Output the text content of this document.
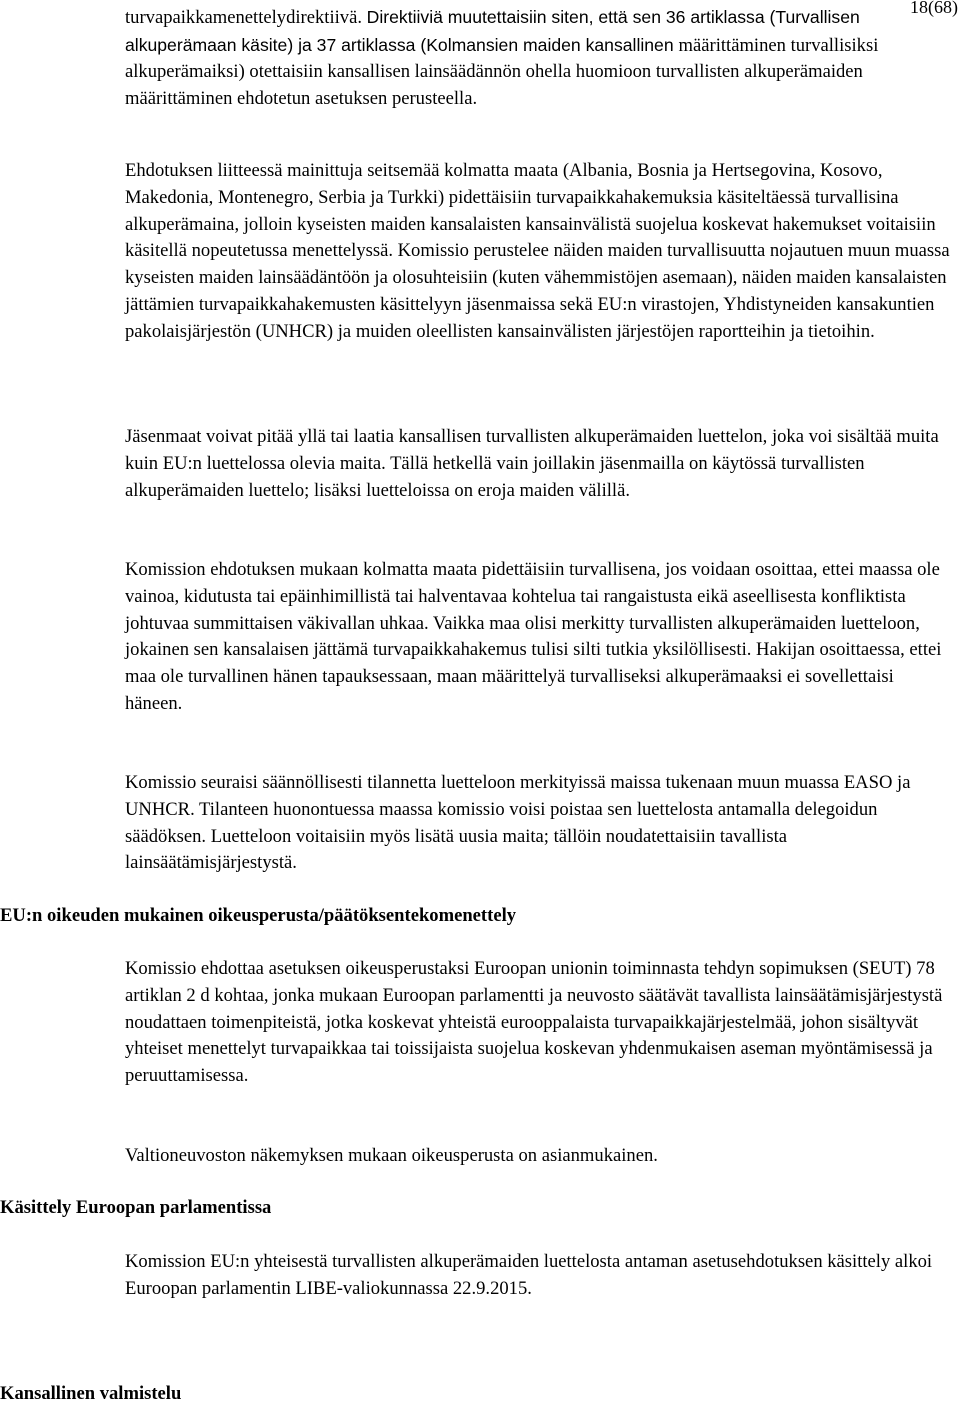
18(68)

turvapaikkamenettelydirektiivä. Direktiiviä muutettaisiin siten, että sen 36 artiklassa (Turvallisen alkuperämaan käsite) ja 37 artiklassa (Kolmansien maiden kansallinen määrittäminen turvallisiksi alkuperämaiksi) otettaisiin kansallisen lainsäädännön ohella huomioon turvallisten alkuperämaiden määrittäminen ehdotetun asetuksen perusteella.

Ehdotuksen liitteessä mainittuja seitsemää kolmatta maata (Albania, Bosnia ja Hertsegovina, Kosovo, Makedonia, Montenegro, Serbia ja Turkki) pidettäisiin turvapaikkahakemuksia käsiteltäessä turvallisina alkuperämaina, jolloin kyseisten maiden kansalaisten kansainvälistä suojelua koskevat hakemukset voitaisiin käsitellä nopeutetussa menettelyssä. Komissio perustelee näiden maiden turvallisuutta nojautuen muun muassa kyseisten maiden lainsäädäntöön ja olosuhteisiin (kuten vähemmistöjen asemaan), näiden maiden kansalaisten jättämien turvapaikkahakemusten käsittelyyn jäsenmaissa sekä EU:n virastojen, Yhdistyneiden kansakuntien pakolaisjärjestön (UNHCR) ja muiden oleellisten kansainvälisten järjestöjen raportteihin ja tietoihin.

Jäsenmaat voivat pitää yllä tai laatia kansallisen turvallisten alkuperämaiden luettelon, joka voi sisältää muita kuin EU:n luettelossa olevia maita. Tällä hetkellä vain joillakin jäsenmailla on käytössä turvallisten alkuperämaiden luettelo; lisäksi luetteloissa on eroja maiden välillä.

Komission ehdotuksen mukaan kolmatta maata pidettäisiin turvallisena, jos voidaan osoittaa, ettei maassa ole vainoa, kidutusta tai epäinhimillistä tai halventavaa kohtelua tai rangaistusta eikä aseellisesta konfliktista johtuvaa summittaisen väkivallan uhkaa. Vaikka maa olisi merkitty turvallisten alkuperämaiden luetteloon, jokainen sen kansalaisen jättämä turvapaikkahakemus tulisi silti tutkia yksilöllisesti. Hakijan osoittaessa, ettei maa ole turvallinen hänen tapauksessaan, maan määrittelyä turvalliseksi alkuperämaaksi ei sovellettaisi häneen.

Komissio seuraisi säännöllisesti tilannetta luetteloon merkityissä maissa tukenaan muun muassa EASO ja UNHCR. Tilanteen huonontuessa maassa komissio voisi poistaa sen luettelosta antamalla delegoidun säädöksen. Luetteloon voitaisiin myös lisätä uusia maita; tällöin noudatettaisiin tavallista lainsäätämisjärjestystä.

EU:n oikeuden mukainen oikeusperusta/päätöksentekomenettely

Komissio ehdottaa asetuksen oikeusperustaksi Euroopan unionin toiminnasta tehdyn sopimuksen (SEUT) 78 artiklan 2 d kohtaa, jonka mukaan Euroopan parlamentti ja neuvosto säätävät tavallista lainsäätämisjärjestystä noudattaen toimenpiteistä, jotka koskevat yhteistä eurooppalaista turvapaikkajärjestelmää, johon sisältyvät yhteiset menettelyt turvapaikkaa tai toissijaista suojelua koskevan yhdenmukaisen aseman myöntämisessä ja peruuttamisessa.

Valtioneuvoston näkemyksen mukaan oikeusperusta on asianmukainen.

Käsittely Euroopan parlamentissa

Komission EU:n yhteisestä turvallisten alkuperämaiden luettelosta antaman asetusehdotuksen käsittely alkoi Euroopan parlamentin LIBE-valiokunnassa 22.9.2015.

Kansallinen valmistelu
